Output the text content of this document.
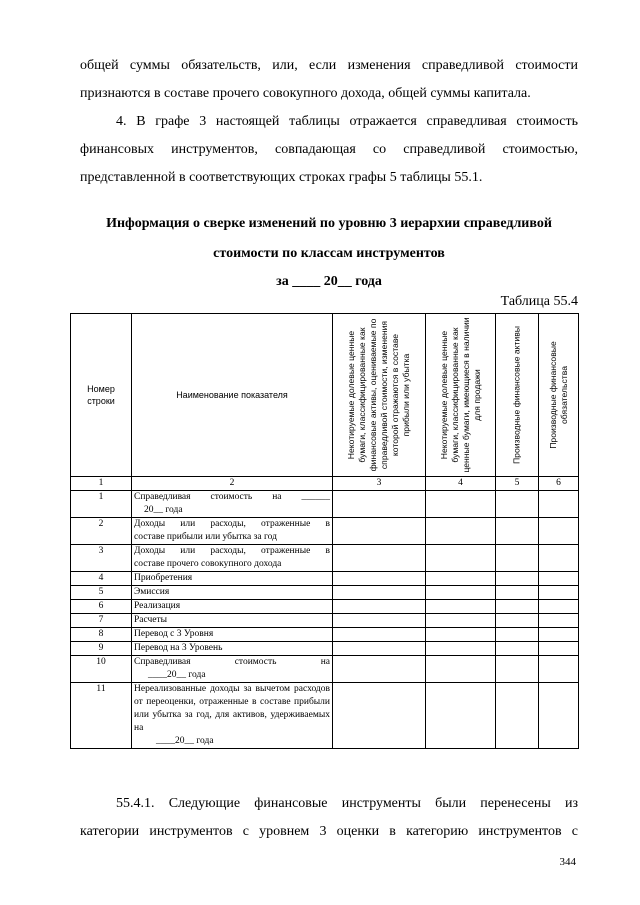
общей суммы обязательств, или, если изменения справедливой стоимости

признаются в составе прочего совокупного дохода, общей суммы капитала.

4. В графе 3 настоящей таблицы отражается справедливая стоимость финансовых инструментов, совпадающая со справедливой стоимостью, представленной в соответствующих строках графы 5 таблицы 55.1.

Информация о сверке изменений по уровню 3 иерархии справедливой
стоимости по классам инструментов
за ____ 20__ года
Таблица 55.4
Номер строки	Наименование показателя	Некотируемые долевые ценные бумаги, классифицированные как финансовые активы, оцениваемые по справедливой стоимости, изменения которой отражаются в составе прибыли или убытка	Некотируемые долевые ценные бумаги, классифицированные как ценные бумаги, имеющиеся в наличии для продажи	Производные финансовые активы	Производные финансовые обязательства

1	2	3	4	5	6
1	Справедливая стоимость на ______
20__ года				

2	Доходы или расходы, отраженные в
составе прибыли или убытка за год				

3	Доходы или расходы, отраженные в
составе прочего совокупного дохода				

4	Приобретения				

5	Эмиссия				

6	Реализация				

7	Расчеты				

8	Перевод с 3 Уровня				

9	Перевод на 3 Уровень				

10	Справедливая стоимость на
____20__ года				

11	Нереализованные доходы за вычетом расходов от переоценки, отраженные в составе прибыли или убытка за год, для активов, удерживаемых на
____20__ года				

55.4.1. Следующие финансовые инструменты были перенесены из

категории инструментов с уровнем 3 оценки в категорию инструментов с

344
